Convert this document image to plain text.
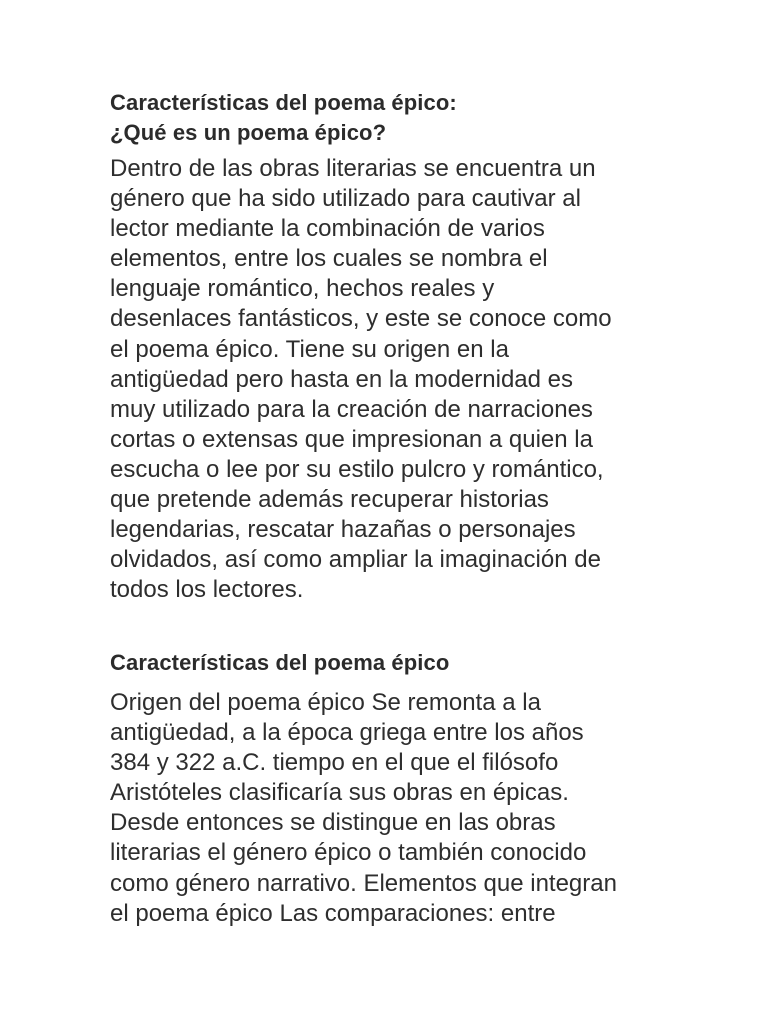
Características del poema épico:
¿Qué es un poema épico?
Dentro de las obras literarias se encuentra un
género que ha sido utilizado para cautivar al
lector mediante la combinación de varios
elementos, entre los cuales se nombra el
lenguaje romántico, hechos reales y
desenlaces fantásticos, y este se conoce como
el poema épico. Tiene su origen en la
antigüedad pero hasta en la modernidad es
muy utilizado para la creación de narraciones
cortas o extensas que impresionan a quien la
escucha o lee por su estilo pulcro y romántico,
que pretende además recuperar historias
legendarias, rescatar hazañas o personajes
olvidados, así como ampliar la imaginación de
todos los lectores.
Características del poema épico
Origen del poema épico Se remonta a la
antigüedad, a la época griega entre los años
384 y 322 a.C. tiempo en el que el filósofo
Aristóteles clasificaría sus obras en épicas.
Desde entonces se distingue en las obras
literarias el género épico o también conocido
como género narrativo. Elementos que integran
el poema épico Las comparaciones: entre
